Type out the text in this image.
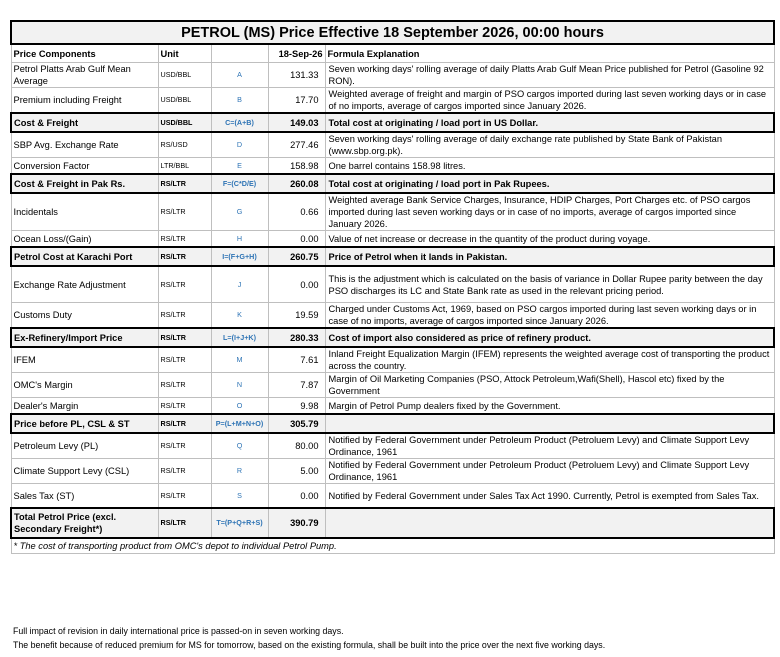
PETROL (MS) Price Effective 18 September 2026, 00:00 hours				
Price Components	Unit		18-Sep-26	Formula Explanation
Petrol Platts Arab Gulf Mean Average	USD/BBL	A	131.33	Seven working days' rolling average of daily Platts Arab Gulf Mean Price published for Petrol (Gasoline 92 RON).
Premium including Freight	USD/BBL	B	17.70	Weighted average of freight and margin of PSO cargos imported during last seven working days or in case of no imports, average of cargos imported since January 2026.
Cost & Freight	USD/BBL	C=(A+B)	149.03	Total cost at originating / load port in US Dollar.
SBP Avg. Exchange Rate	RS/USD	D	277.46	Seven working days' rolling average of daily exchange rate published by State Bank of Pakistan (www.sbp.org.pk).
Conversion Factor	LTR/BBL	E	158.98	One barrel contains 158.98 litres.
Cost & Freight in Pak Rs.	RS/LTR	F=(C*D/E)	260.08	Total cost at originating / load port in Pak Rupees.
Incidentals	RS/LTR	G	0.66	Weighted average Bank Service Charges, Insurance, HDIP Charges, Port Charges etc. of PSO cargos imported during last seven working days or in case of no imports, average of cargos imported since January 2026.
Ocean Loss/(Gain)	RS/LTR	H	0.00	Value of net increase or decrease in the quantity of the product during voyage.
Petrol Cost at Karachi Port	RS/LTR	I=(F+G+H)	260.75	Price of Petrol when it lands in Pakistan.
Exchange Rate Adjustment	RS/LTR	J	0.00	This is the adjustment which is calculated on the basis of variance in Dollar Rupee parity between the day PSO discharges its LC and State Bank rate as used in the relevant pricing period.
Customs Duty	RS/LTR	K	19.59	Charged under Customs Act, 1969, based on PSO cargos imported during last seven working days or in case of no imports, average of cargos imported since January 2026.
Ex-Refinery/Import Price	RS/LTR	L=(I+J+K)	280.33	Cost of import also considered as price of refinery product.
IFEM	RS/LTR	M	7.61	Inland Freight Equalization Margin (IFEM) represents the weighted average cost of transporting the product across the country.
OMC's Margin	RS/LTR	N	7.87	Margin of Oil Marketing Companies (PSO, Attock Petroleum,Wafi(Shell), Hascol etc) fixed by the Government
Dealer's Margin	RS/LTR	O	9.98	Margin of Petrol Pump dealers fixed by the Government.
Price before PL, CSL & ST	RS/LTR	P=(L+M+N+O)	305.79	
Petroleum Levy (PL)	RS/LTR	Q	80.00	Notified by Federal Government under Petroleum Product (Petroluem Levy) and Climate Support Levy Ordinance, 1961
Climate Support Levy (CSL)	RS/LTR	R	5.00	Notified by Federal Government under Petroleum Product (Petroluem Levy) and Climate Support Levy Ordinance, 1961
Sales Tax (ST)	RS/LTR	S	0.00	Notified by Federal Government under Sales Tax Act 1990. Currently, Petrol is exempted from Sales Tax.
Total Petrol Price (excl. Secondary Freight*)	RS/LTR	T=(P+Q+R+S)	390.79	
* The cost of transporting product from OMC's depot to individual Petrol Pump.				
Full impact of revision in daily international price is passed-on in seven working days.
The benefit because of reduced premium for MS for tomorrow, based on the existing formula, shall be built into the price over the next five working days.
